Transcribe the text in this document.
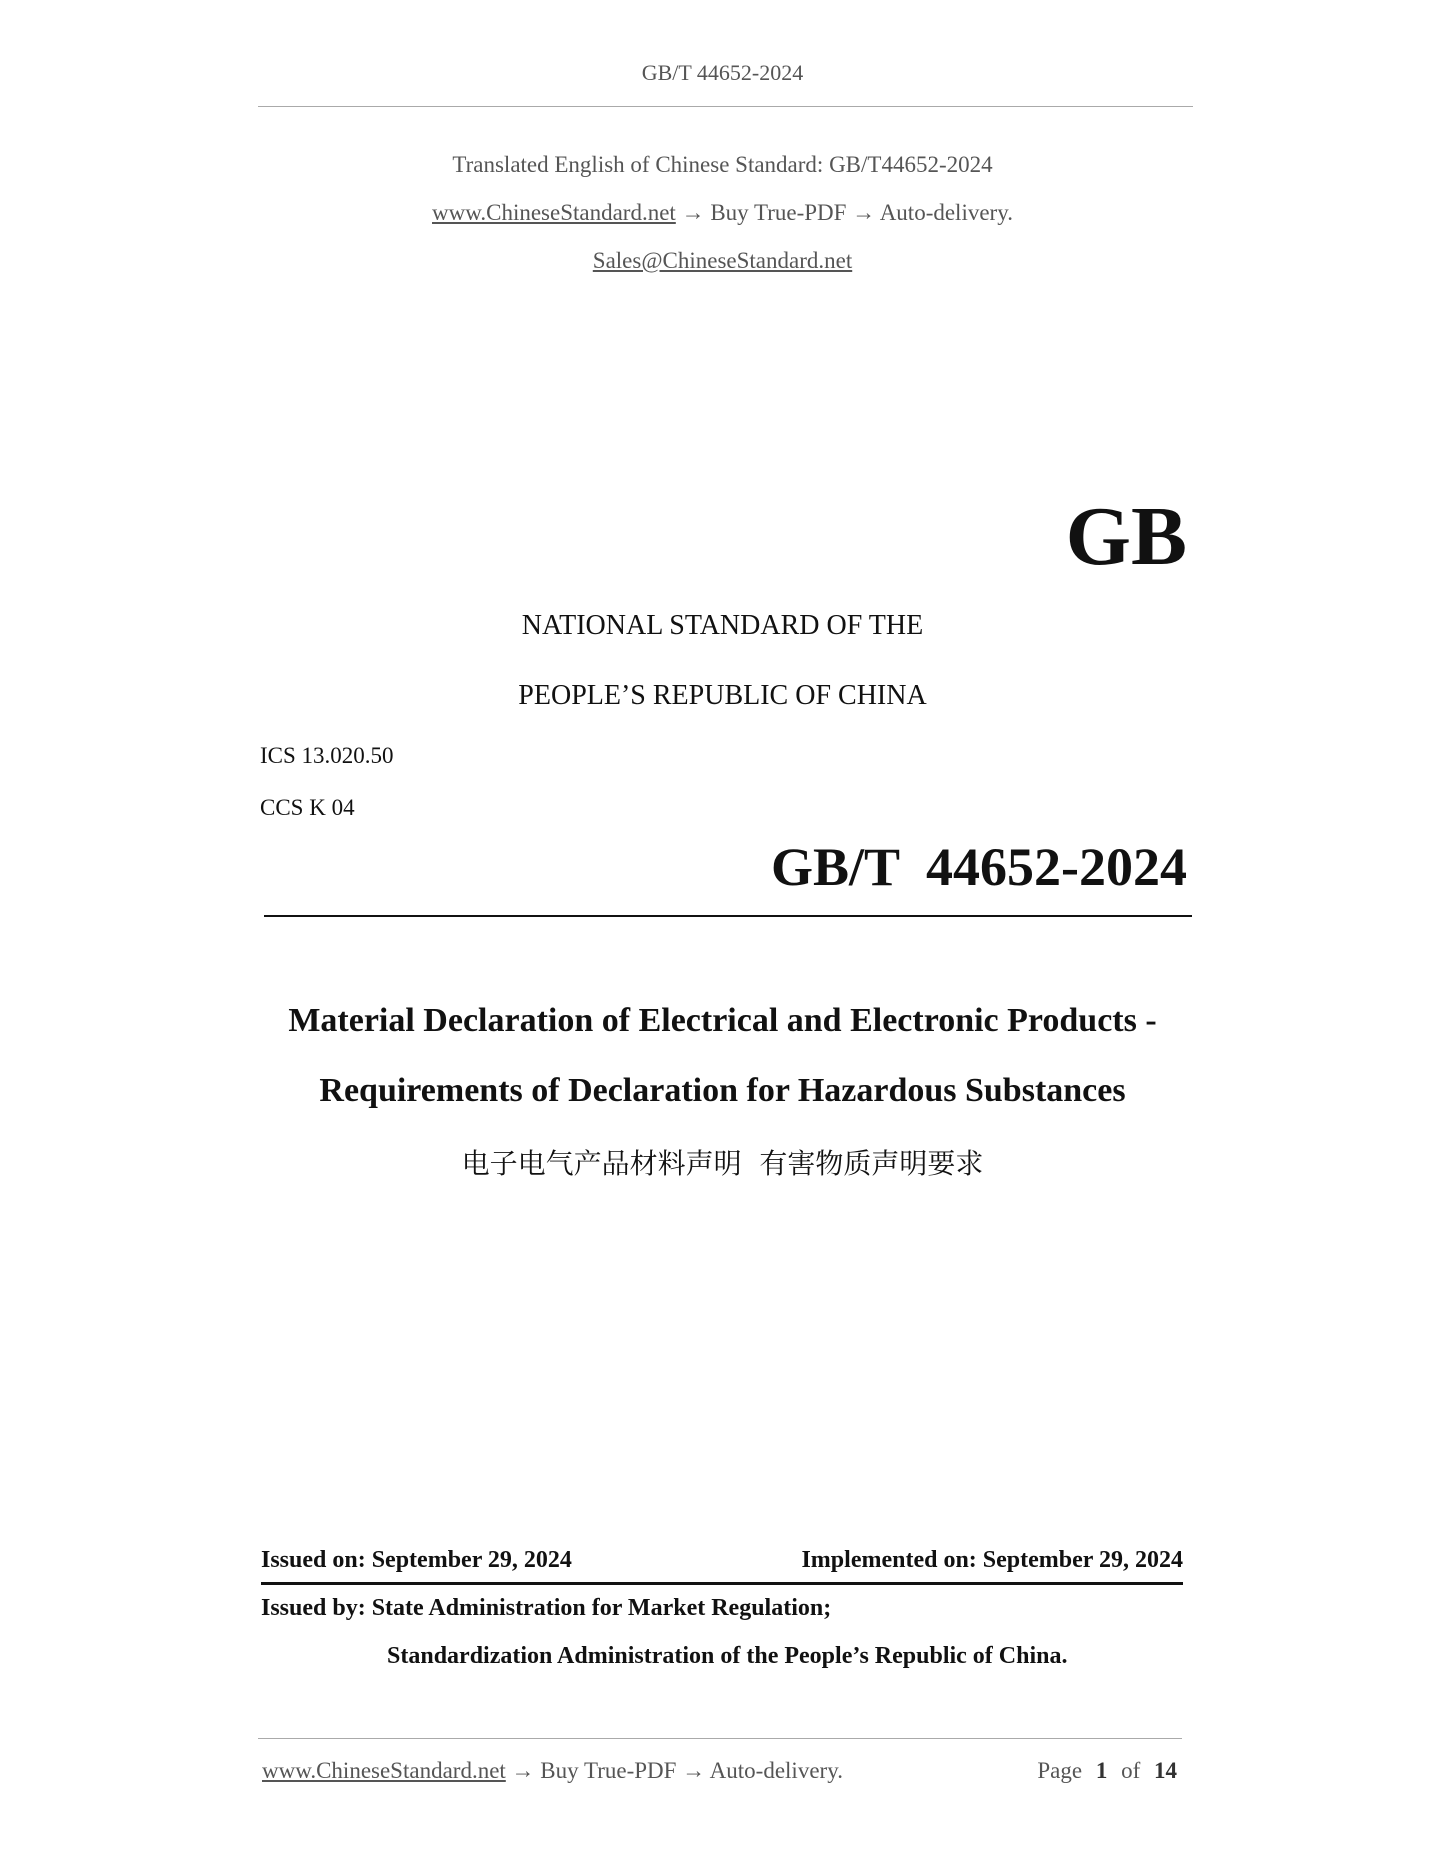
GB/T 44652-2024
Translated English of Chinese Standard: GB/T44652-2024
www.ChineseStandard.net → Buy True-PDF → Auto-delivery.
Sales@ChineseStandard.net
GB
NATIONAL STANDARD OF THE
PEOPLE’S REPUBLIC OF CHINA
ICS 13.020.50
CCS K 04
GB/T  44652-2024
Material Declaration of Electrical and Electronic Products -
Requirements of Declaration for Hazardous Substances
电子电气产品材料声明  有害物质声明要求
Issued on: September 29, 2024	Implemented on: September 29, 2024
Issued by: State Administration for Market Regulation;
Standardization Administration of the People’s Republic of China.
www.ChineseStandard.net → Buy True-PDF → Auto-delivery.	Page 1 of 14
